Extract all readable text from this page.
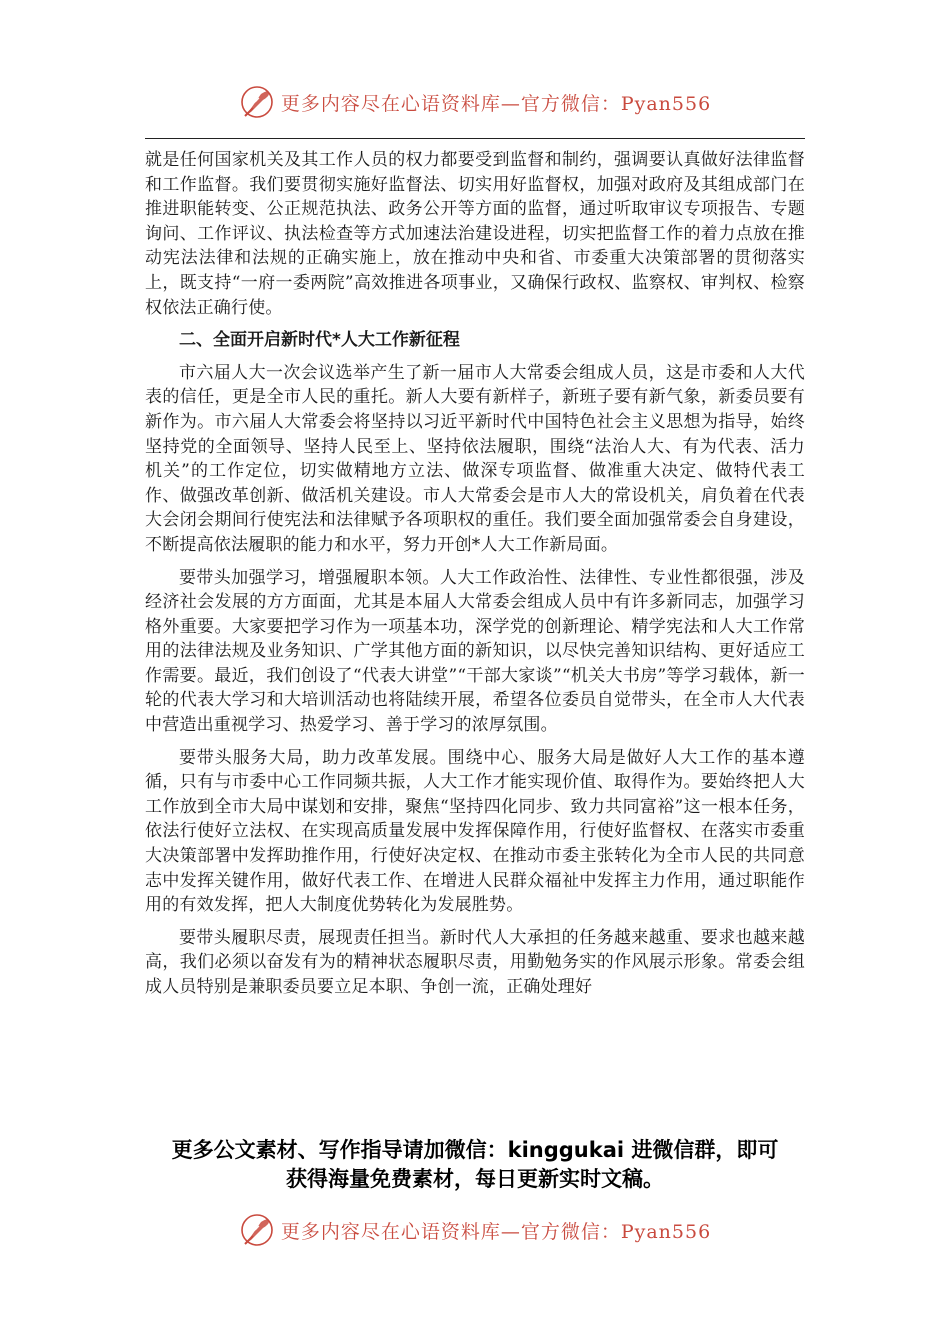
更多内容尽在心语资料库—官方微信：Pyan556

就是任何国家机关及其工作人员的权力都要受到监督和制约，强调要认真做好法律监督和工作监督。我们要贯彻实施好监督法、切实用好监督权，加强对政府及其组成部门在推进职能转变、公正规范执法、政务公开等方面的监督，通过听取审议专项报告、专题询问、工作评议、执法检查等方式加速法治建设进程，切实把监督工作的着力点放在推动宪法法律和法规的正确实施上，放在推动中央和省、市委重大决策部署的贯彻落实上，既支持“一府一委两院”高效推进各项事业，又确保行政权、监察权、审判权、检察权依法正确行使。

二、全面开启新时代*人大工作新征程

市六届人大一次会议选举产生了新一届市人大常委会组成人员，这是市委和人大代表的信任，更是全市人民的重托。新人大要有新样子，新班子要有新气象，新委员要有新作为。市六届人大常委会将坚持以习近平新时代中国特色社会主义思想为指导，始终坚持党的全面领导、坚持人民至上、坚持依法履职，围绕“法治人大、有为代表、活力机关”的工作定位，切实做精地方立法、做深专项监督、做准重大决定、做特代表工作、做强改革创新、做活机关建设。市人大常委会是市人大的常设机关，肩负着在代表大会闭会期间行使宪法和法律赋予各项职权的重任。我们要全面加强常委会自身建设，不断提高依法履职的能力和水平，努力开创*人大工作新局面。

要带头加强学习，增强履职本领。人大工作政治性、法律性、专业性都很强，涉及经济社会发展的方方面面，尤其是本届人大常委会组成人员中有许多新同志，加强学习格外重要。大家要把学习作为一项基本功，深学党的创新理论、精学宪法和人大工作常用的法律法规及业务知识、广学其他方面的新知识，以尽快完善知识结构、更好适应工作需要。最近，我们创设了“代表大讲堂”“干部大家谈”“机关大书房”等学习载体，新一轮的代表大学习和大培训活动也将陆续开展，希望各位委员自觉带头，在全市人大代表中营造出重视学习、热爱学习、善于学习的浓厚氛围。

要带头服务大局，助力改革发展。围绕中心、服务大局是做好人大工作的基本遵循，只有与市委中心工作同频共振，人大工作才能实现价值、取得作为。要始终把人大工作放到全市大局中谋划和安排，聚焦“坚持四化同步、致力共同富裕”这一根本任务，依法行使好立法权、在实现高质量发展中发挥保障作用，行使好监督权、在落实市委重大决策部署中发挥助推作用，行使好决定权、在推动市委主张转化为全市人民的共同意志中发挥关键作用，做好代表工作、在增进人民群众福祉中发挥主力作用，通过职能作用的有效发挥，把人大制度优势转化为发展胜势。

要带头履职尽责，展现责任担当。新时代人大承担的任务越来越重、要求也越来越高，我们必须以奋发有为的精神状态履职尽责，用勤勉务实的作风展示形象。常委会组成人员特别是兼职委员要立足本职、争创一流，正确处理好

更多公文素材、写作指导请加微信：kinggukai 进微信群，即可
获得海量免费素材，每日更新实时文稿。
更多内容尽在心语资料库—官方微信：Pyan556
